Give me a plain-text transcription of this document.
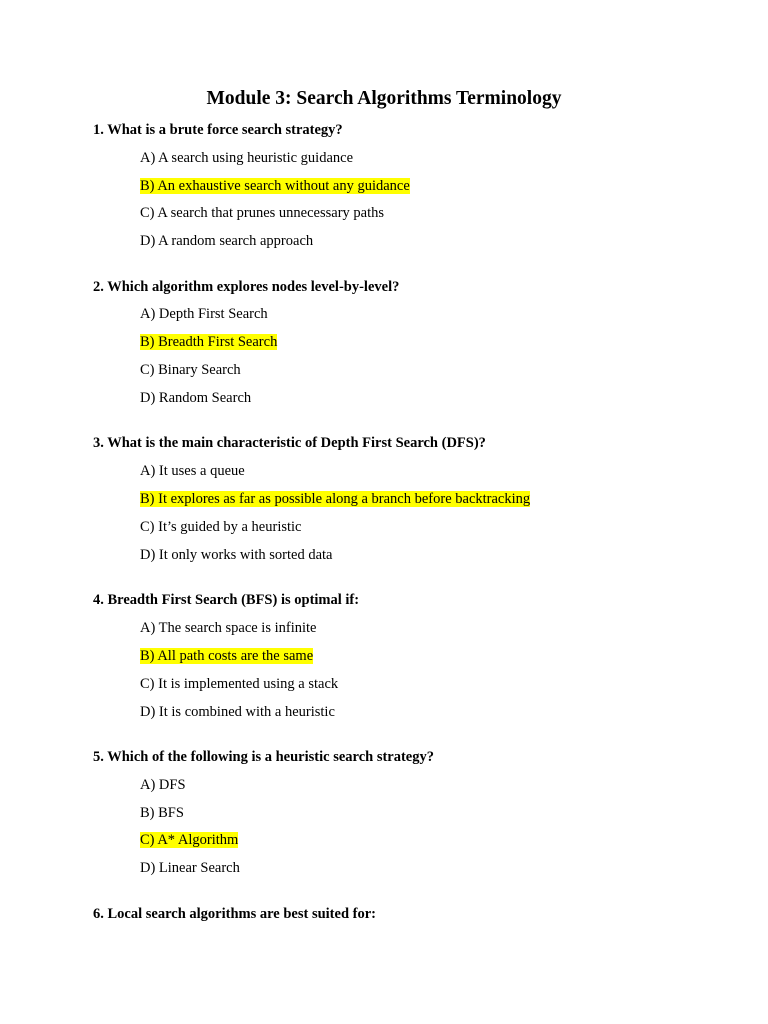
Module 3: Search Algorithms Terminology
1. What is a brute force search strategy?
A) A search using heuristic guidance
B) An exhaustive search without any guidance
C) A search that prunes unnecessary paths
D) A random search approach
2. Which algorithm explores nodes level-by-level?
A) Depth First Search
B) Breadth First Search
C) Binary Search
D) Random Search
3. What is the main characteristic of Depth First Search (DFS)?
A) It uses a queue
B) It explores as far as possible along a branch before backtracking
C) It’s guided by a heuristic
D) It only works with sorted data
4. Breadth First Search (BFS) is optimal if:
A) The search space is infinite
B) All path costs are the same
C) It is implemented using a stack
D) It is combined with a heuristic
5. Which of the following is a heuristic search strategy?
A) DFS
B) BFS
C) A* Algorithm
D) Linear Search
6. Local search algorithms are best suited for:
